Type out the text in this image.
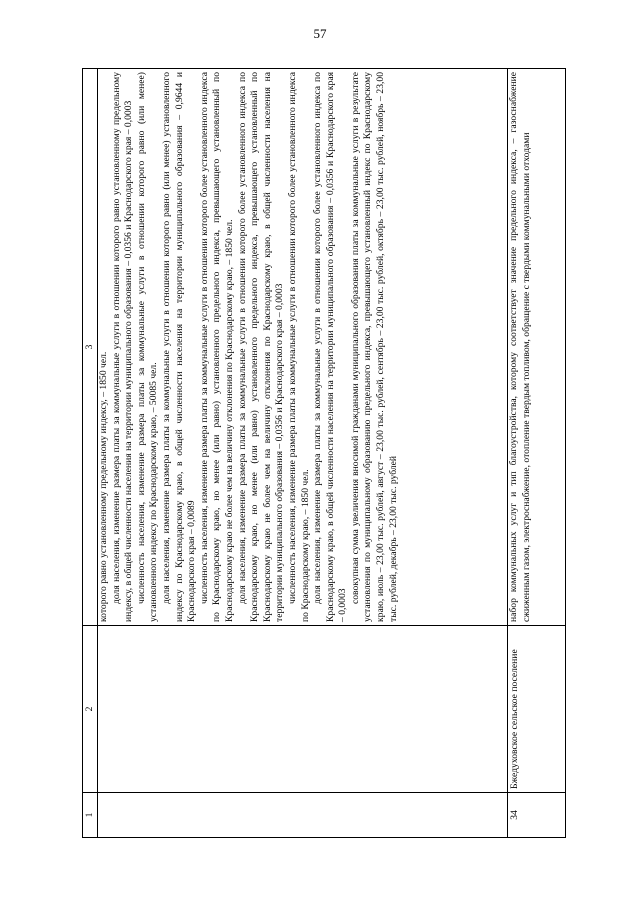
57
1
2
3

которого равно установленному предельному индексу, – 1850 чел. доля населения, изменение размера платы за коммунальные услуги в отношении которого равно установленному предельному индексу, в общей численности населения на территории муниципального образования – 0,0356 и Краснодарского края – 0,0003 численность населения, изменение размера платы за коммунальные услуги в отношении которого равно (или менее) установленного индексу по Краснодарскому краю, – 50085 чел. доля населения, изменение размера платы за коммунальные услуги в отношении которого равно (или менее) установленного индексу по Краснодарскому краю, в общей численности населения на территории муниципального образования – 0,9644 и Краснодарского края – 0,0089 численность населения, изменение размера платы за коммунальные услуги в отношении которого более установленного индекса по Краснодарскому краю, но менее (или равно) установленного предельного индекса, превышающего установленный по Краснодарскому краю не более чем на величину отклонения по Краснодарскому краю, – 1850 чел. доля населения, изменение размера платы за коммунальные услуги в отношении которого более установленного индекса по Краснодарскому краю, но менее (или равно) установленного предельного индекса, превышающего установленный по Краснодарскому краю не более чем на величину отклонения по Краснодарскому краю, в общей численности населения на территории муниципального образования – 0,0356 и Краснодарского края – 0,0003 численность населения, изменение размера платы за коммунальные услуги в отношении которого более установленного индекса по Краснодарскому краю, – 1850 чел. доля населения, изменение размера платы за коммунальные услуги в отношении которого более установленного индекса по Краснодарскому краю, в общей численности населения на территории муниципального образования – 0,0356 и Краснодарского края – 0,0003

совокупная сумма увеличения вносимой гражданами муниципального образования платы за коммунальные услуги в результате установления по муниципальному образованию предельного индекса, превышающего установленный индекс по Краснодарскому краю, июль – 23,00 тыс. рублей, август – 23,00 тыс. рублей, сентябрь – 23,00 тыс. рублей, октябрь – 23,00 тыс. рублей, ноябрь – 23,00 тыс. рублей, декабрь – 23,00 тыс. рублей

34
Бжедуховское сельское поселение

набор коммунальных услуг и тип благоустройства, которому соответствует значение предельного индекса, – газоснабжение сжиженным газом, электроснабжение, отопление твердым топливом, обращение с твердыми коммунальными отходами
